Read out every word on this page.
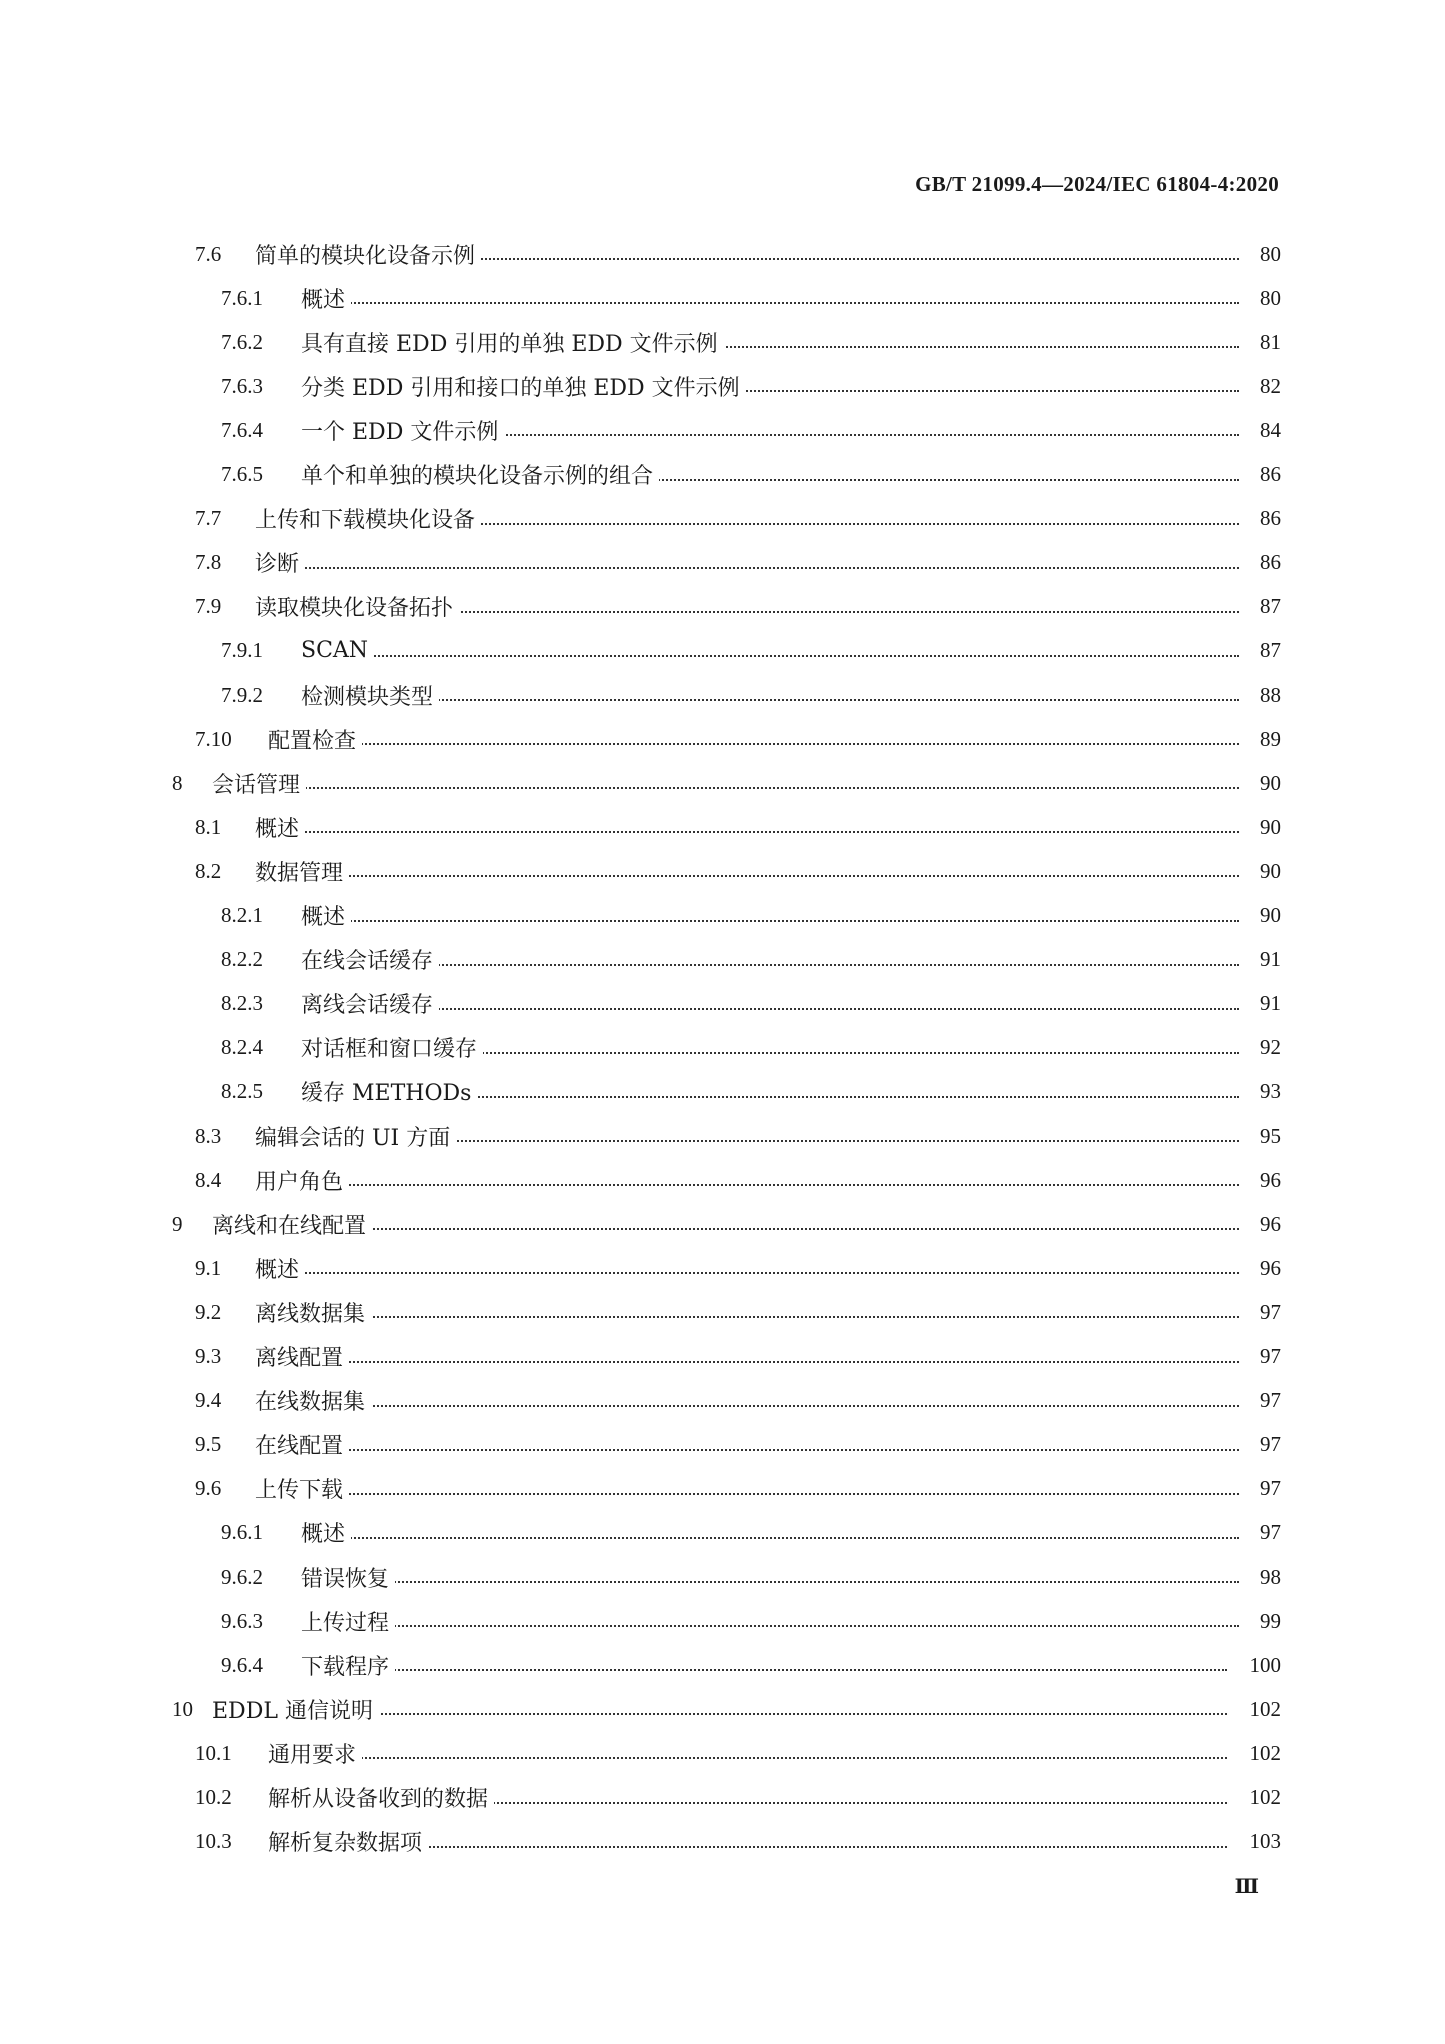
GB/T 21099.4—2024/IEC 61804-4:2020
7.6 简单的模块化设备示例	80
7.6.1 概述	80
7.6.2 具有直接 EDD 引用的单独 EDD 文件示例	81
7.6.3 分类 EDD 引用和接口的单独 EDD 文件示例	82
7.6.4 一个 EDD 文件示例	84
7.6.5 单个和单独的模块化设备示例的组合	86
7.7 上传和下载模块化设备	86
7.8 诊断	86
7.9 读取模块化设备拓扑	87
7.9.1 SCAN	87
7.9.2 检测模块类型	88
7.10 配置检查	89
8 会话管理	90
8.1 概述	90
8.2 数据管理	90
8.2.1 概述	90
8.2.2 在线会话缓存	91
8.2.3 离线会话缓存	91
8.2.4 对话框和窗口缓存	92
8.2.5 缓存 METHODs	93
8.3 编辑会话的 UI 方面	95
8.4 用户角色	96
9 离线和在线配置	96
9.1 概述	96
9.2 离线数据集	97
9.3 离线配置	97
9.4 在线数据集	97
9.5 在线配置	97
9.6 上传下载	97
9.6.1 概述	97
9.6.2 错误恢复	98
9.6.3 上传过程	99
9.6.4 下载程序	100
10 EDDL 通信说明	102
10.1 通用要求	102
10.2 解析从设备收到的数据	102
10.3 解析复杂数据项	103
Ⅲ
